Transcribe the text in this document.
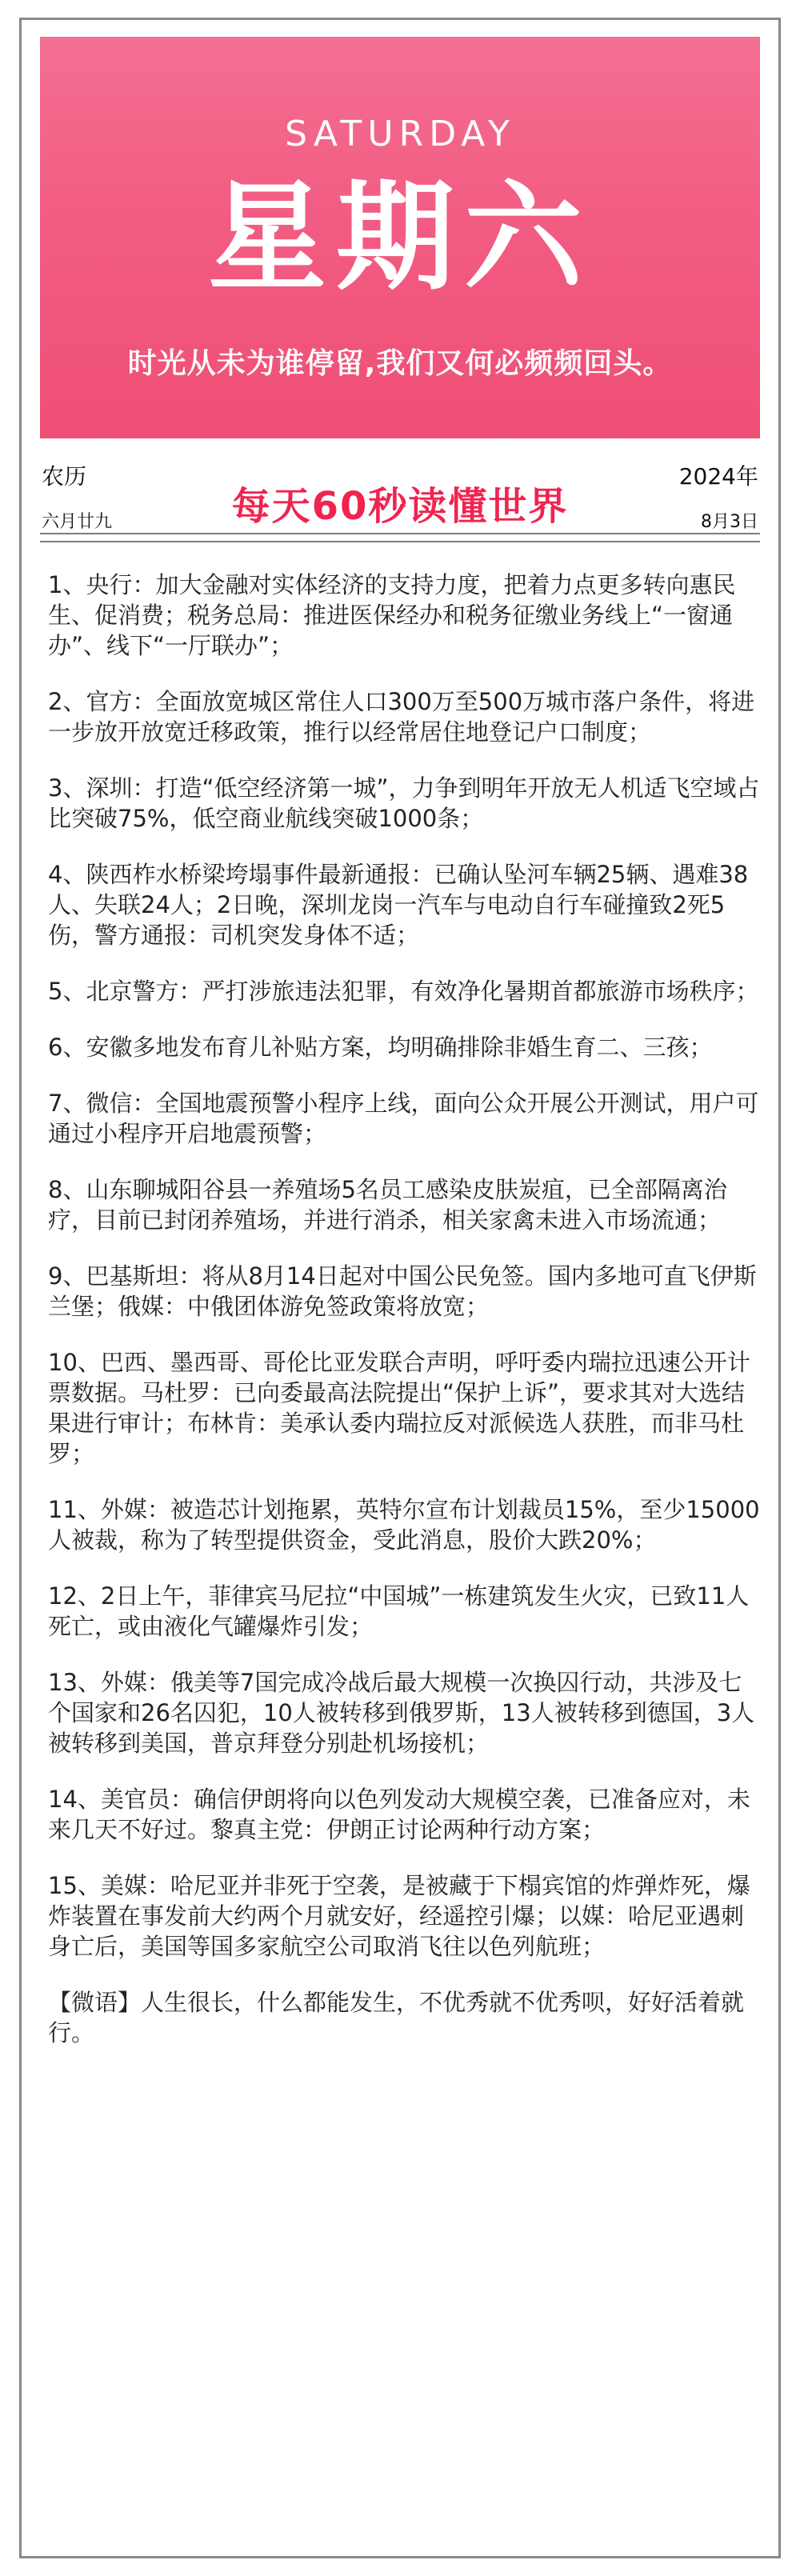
SATURDAY
星期六
时光从未为谁停留,我们又何必频频回头。
农历
六月廿九	每天60秒读懂世界
2024年
8月3日

1、央行：加大金融对实体经济的支持力度，把着力点更多转向惠民生、促消费；税务总局：推进医保经办和税务征缴业务线上“一窗通办”、线下“一厅联办”；

2、官方：全面放宽城区常住人口300万至500万城市落户条件，将进一步放开放宽迁移政策，推行以经常居住地登记户口制度；

3、深圳：打造“低空经济第一城”，力争到明年开放无人机适飞空域占比突破75%，低空商业航线突破1000条；

4、陕西柞水桥梁垮塌事件最新通报：已确认坠河车辆25辆、遇难38人、失联24人；2日晚，深圳龙岗一汽车与电动自行车碰撞致2死5伤，警方通报：司机突发身体不适；

5、北京警方：严打涉旅违法犯罪，有效净化暑期首都旅游市场秩序；

6、安徽多地发布育儿补贴方案，均明确排除非婚生育二、三孩；

7、微信：全国地震预警小程序上线，面向公众开展公开测试，用户可通过小程序开启地震预警；

8、山东聊城阳谷县一养殖场5名员工感染皮肤炭疽，已全部隔离治疗，目前已封闭养殖场，并进行消杀，相关家禽未进入市场流通；

9、巴基斯坦：将从8月14日起对中国公民免签。国内多地可直飞伊斯兰堡；俄媒：中俄团体游免签政策将放宽；

10、巴西、墨西哥、哥伦比亚发联合声明，呼吁委内瑞拉迅速公开计票数据。马杜罗：已向委最高法院提出“保护上诉”，要求其对大选结果进行审计；布林肯：美承认委内瑞拉反对派候选人获胜，而非马杜罗；

11、外媒：被造芯计划拖累，英特尔宣布计划裁员15%，至少15000人被裁，称为了转型提供资金，受此消息，股价大跌20%；

12、2日上午，菲律宾马尼拉“中国城”一栋建筑发生火灾，已致11人死亡，或由液化气罐爆炸引发；

13、外媒：俄美等7国完成冷战后最大规模一次换囚行动，共涉及七个国家和26名囚犯，10人被转移到俄罗斯，13人被转移到德国，3人被转移到美国，普京拜登分别赴机场接机；

14、美官员：确信伊朗将向以色列发动大规模空袭，已准备应对，未来几天不好过。黎真主党：伊朗正讨论两种行动方案；

15、美媒：哈尼亚并非死于空袭，是被藏于下榻宾馆的炸弹炸死，爆炸装置在事发前大约两个月就安好，经遥控引爆；以媒：哈尼亚遇刺身亡后，美国等国多家航空公司取消飞往以色列航班；

【微语】人生很长，什么都能发生，不优秀就不优秀呗，好好活着就行。
